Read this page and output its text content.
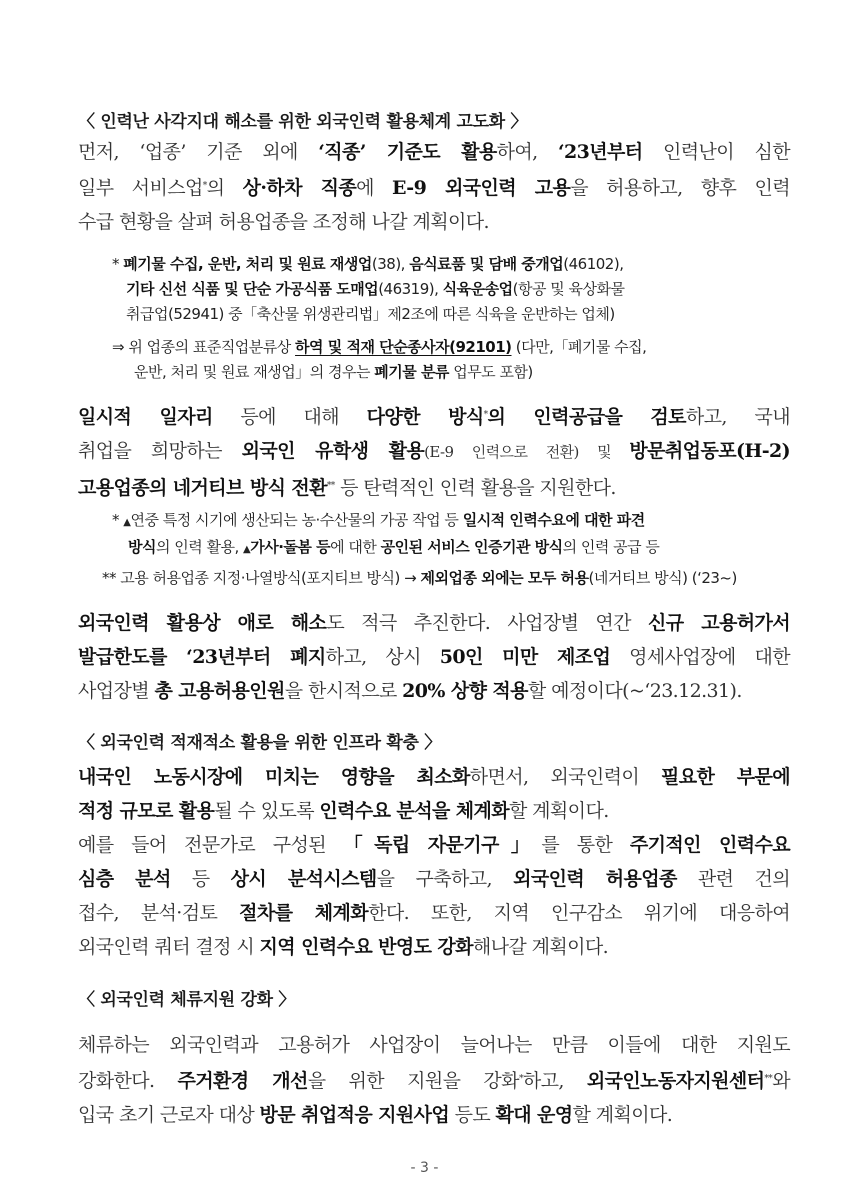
〈 인력난 사각지대 해소를 위한 외국인력 활용체계 고도화 〉
먼저, ‘업종’ 기준 외에 ‘직종’ 기준도 활용하여, ‘23년부터 인력난이 심한
일부 서비스업*의 상·하차 직종에 E-9 외국인력 고용을 허용하고, 향후 인력
수급 현황을 살펴 허용업종을 조정해 나갈 계획이다.
* 폐기물 수집, 운반, 처리 및 원료 재생업(38), 음식료품 및 담배 중개업(46102),
기타 신선 식품 및 단순 가공식품 도매업(46319), 식육운송업(항공 및 육상화물
취급업(52941) 중「축산물 위생관리법」제2조에 따른 식육을 운반하는 업체)
⇒ 위 업종의 표준직업분류상 하역 및 적재 단순종사자(92101) (다만,「폐기물 수집,
운반, 처리 및 원료 재생업」의 경우는 폐기물 분류 업무도 포함)
일시적 일자리 등에 대해 다양한 방식*의 인력공급을 검토하고, 국내
취업을 희망하는 외국인 유학생 활용(E-9 인력으로 전환) 및 방문취업동포(H-2)
고용업종의 네거티브 방식 전환** 등 탄력적인 인력 활용을 지원한다.
* ▲연중 특정 시기에 생산되는 농·수산물의 가공 작업 등 일시적 인력수요에 대한 파견
방식의 인력 활용, ▲가사·돌봄 등에 대한 공인된 서비스 인증기관 방식의 인력 공급 등
** 고용 허용업종 지정·나열방식(포지티브 방식) → 제외업종 외에는 모두 허용(네거티브 방식) (‘23~)
외국인력 활용상 애로 해소도 적극 추진한다. 사업장별 연간 신규 고용허가서
발급한도를 ‘23년부터 폐지하고, 상시 50인 미만 제조업 영세사업장에 대한
사업장별 총 고용허용인원을 한시적으로 20% 상향 적용할 예정이다(~‘23.12.31).
〈 외국인력 적재적소 활용을 위한 인프라 확충 〉
내국인 노동시장에 미치는 영향을 최소화하면서, 외국인력이 필요한 부문에
적정 규모로 활용될 수 있도록 인력수요 분석을 체계화할 계획이다.
예를 들어 전문가로 구성된 「독립 자문기구」를 통한 주기적인 인력수요
심층 분석 등 상시 분석시스템을 구축하고, 외국인력 허용업종 관련 건의
접수, 분석·검토 절차를 체계화한다. 또한, 지역 인구감소 위기에 대응하여
외국인력 쿼터 결정 시 지역 인력수요 반영도 강화해나갈 계획이다.
〈 외국인력 체류지원 강화 〉
체류하는 외국인력과 고용허가 사업장이 늘어나는 만큼 이들에 대한 지원도
강화한다. 주거환경 개선을 위한 지원을 강화*하고, 외국인노동자지원센터**와
입국 초기 근로자 대상 방문 취업적응 지원사업 등도 확대 운영할 계획이다.
- 3 -
